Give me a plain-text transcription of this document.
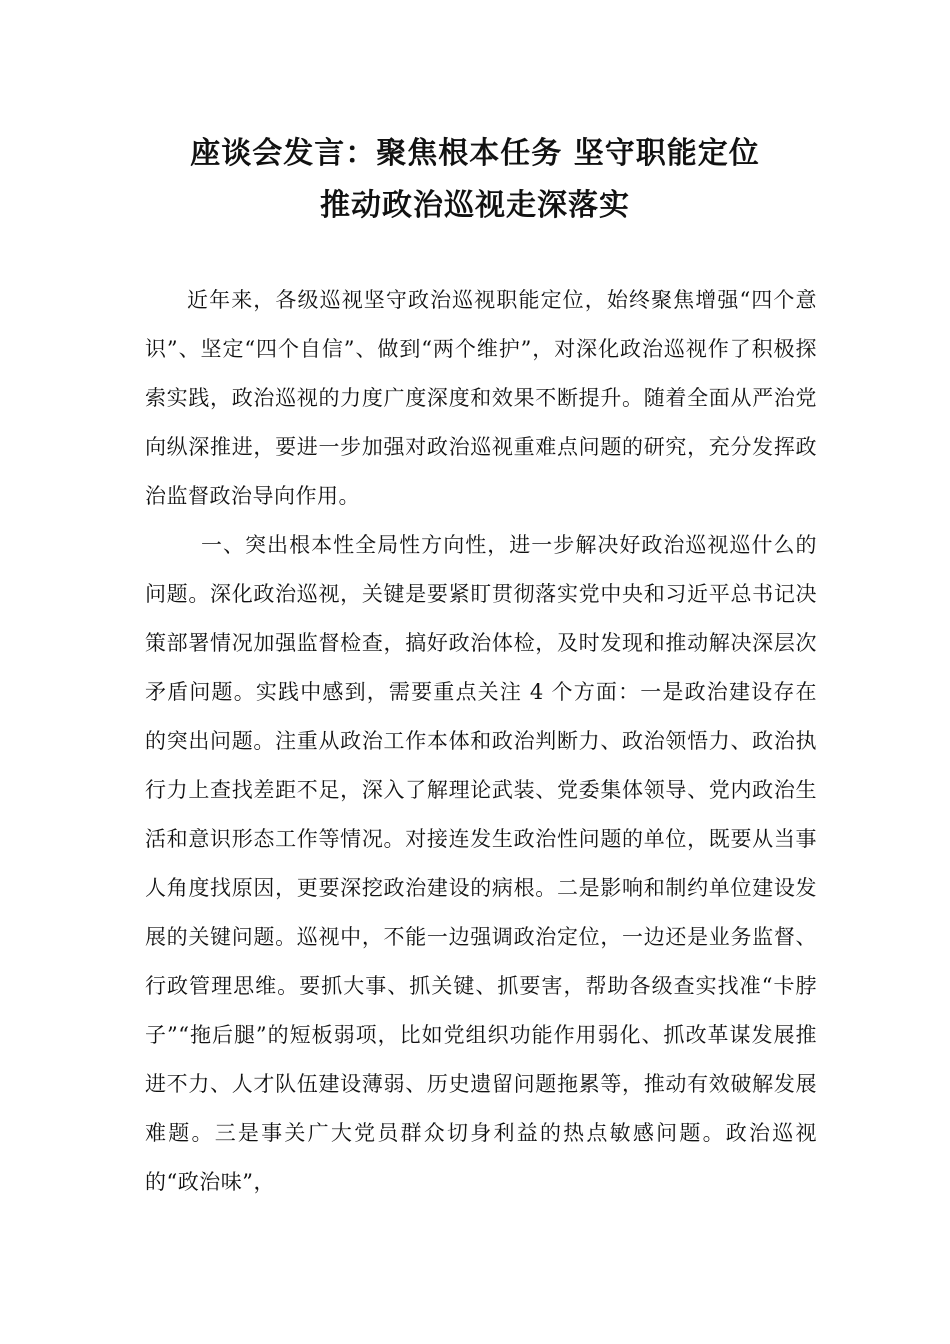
座谈会发言：聚焦根本任务 坚守职能定位
推动政治巡视走深落实

近年来，各级巡视坚守政治巡视职能定位，始终聚焦增强“四个意识”、坚定“四个自信”、做到“两个维护”，对深化政治巡视作了积极探索实践，政治巡视的力度广度深度和效果不断提升。随着全面从严治党向纵深推进，要进一步加强对政治巡视重难点问题的研究，充分发挥政治监督政治导向作用。

一、突出根本性全局性方向性，进一步解决好政治巡视巡什么的问题。深化政治巡视，关键是要紧盯贯彻落实党中央和习近平总书记决策部署情况加强监督检查，搞好政治体检，及时发现和推动解决深层次矛盾问题。实践中感到，需要重点关注 4 个方面：一是政治建设存在的突出问题。注重从政治工作本体和政治判断力、政治领悟力、政治执行力上查找差距不足，深入了解理论武装、党委集体领导、党内政治生活和意识形态工作等情况。对接连发生政治性问题的单位，既要从当事人角度找原因，更要深挖政治建设的病根。二是影响和制约单位建设发展的关键问题。巡视中，不能一边强调政治定位，一边还是业务监督、行政管理思维。要抓大事、抓关键、抓要害，帮助各级查实找准“卡脖子”“拖后腿”的短板弱项，比如党组织功能作用弱化、抓改革谋发展推进不力、人才队伍建设薄弱、历史遗留问题拖累等，推动有效破解发展难题。三是事关广大党员群众切身利益的热点敏感问题。政治巡视的“政治味”，
